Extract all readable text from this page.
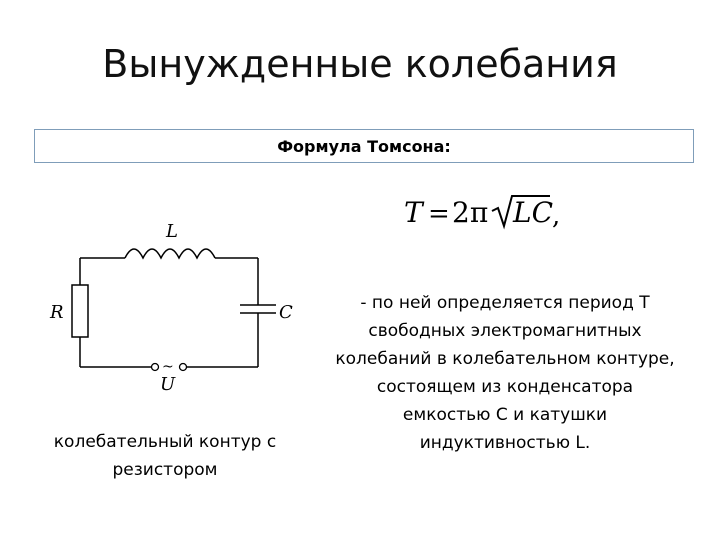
Вынужденные колебания
Формула Томсона:
T = 2π LC
,
~
L
R	C
U
колебательный контур с резистором
- по ней определяется период T свободных электромагнитных колебаний в колебательном контуре, состоящем из конденсатора емкостью C и катушки индуктивностью L.
